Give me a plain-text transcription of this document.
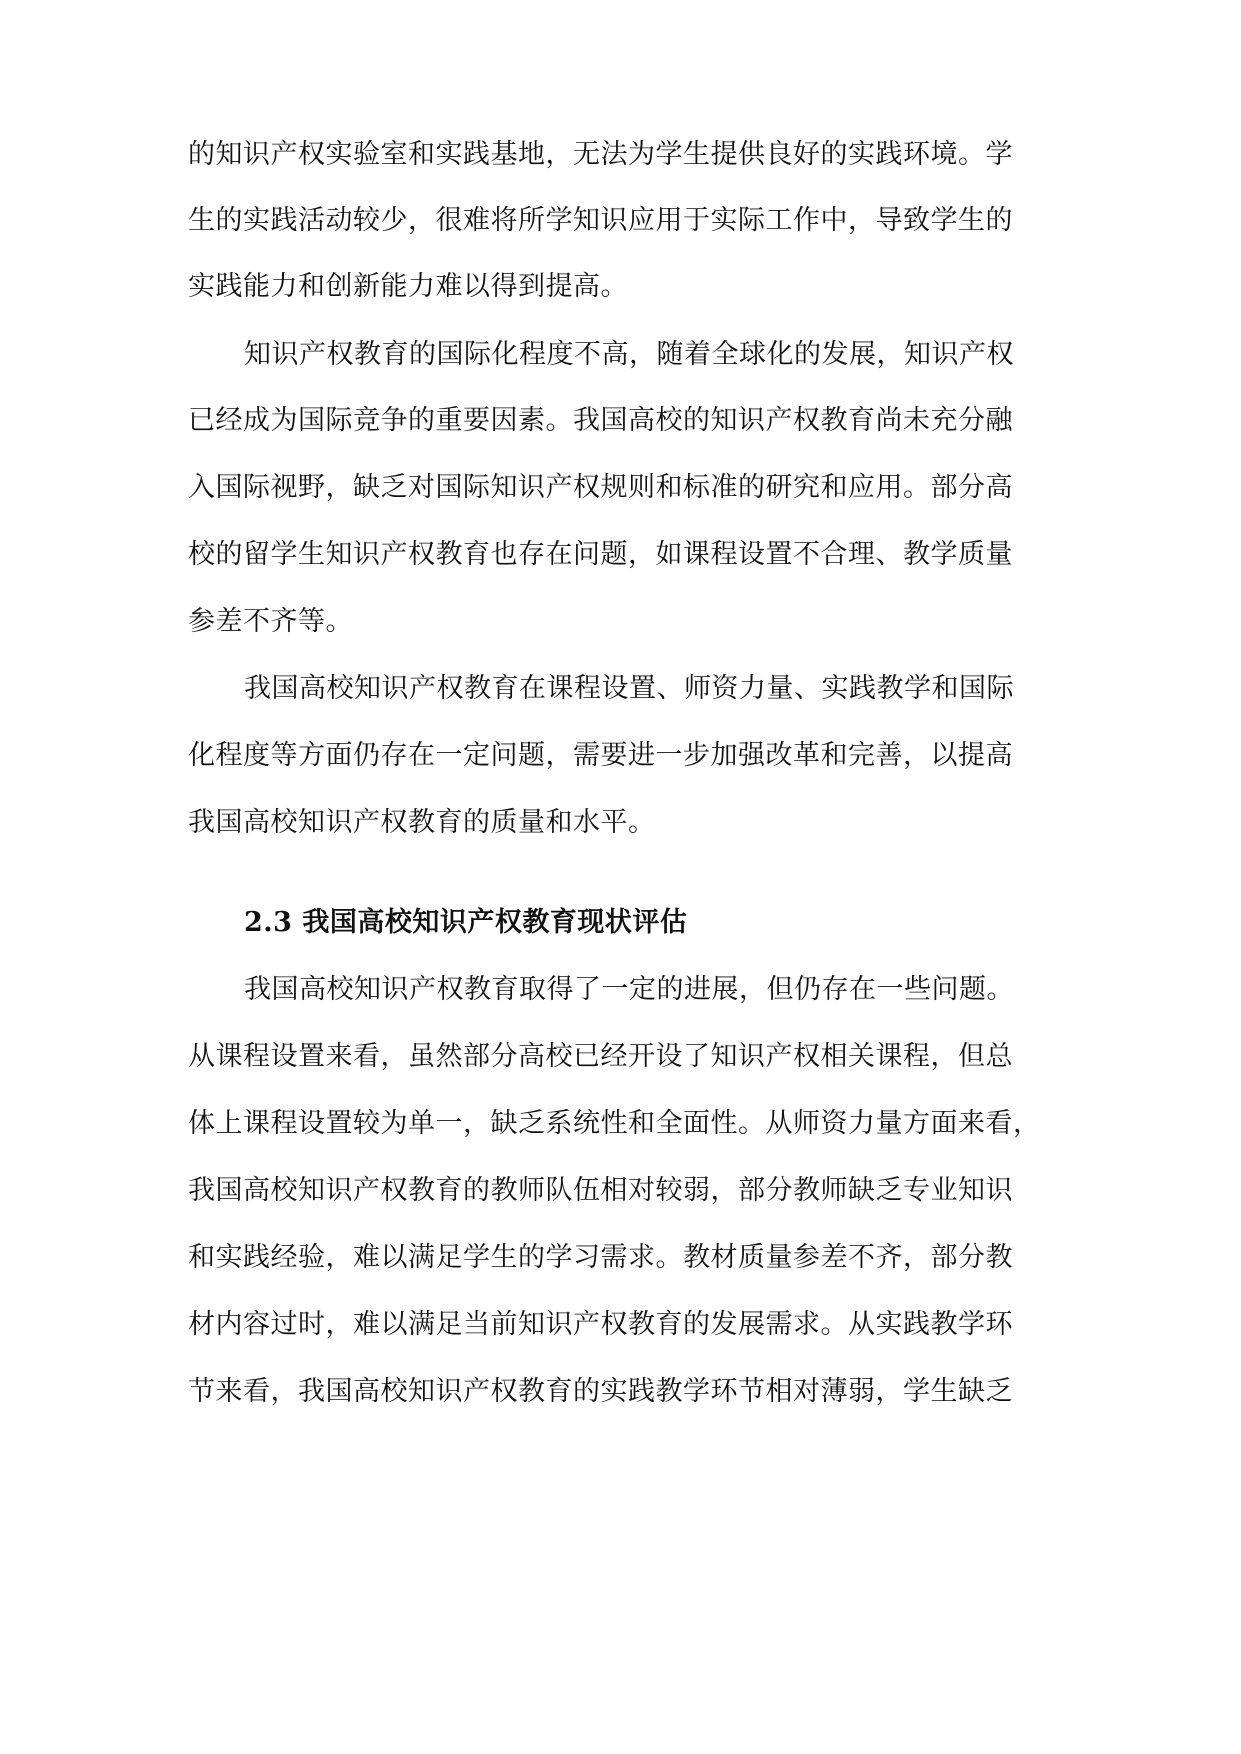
的知识产权实验室和实践基地，无法为学生提供良好的实践环境。学
生的实践活动较少，很难将所学知识应用于实际工作中，导致学生的
实践能力和创新能力难以得到提高。
知识产权教育的国际化程度不高，随着全球化的发展，知识产权
已经成为国际竞争的重要因素。我国高校的知识产权教育尚未充分融
入国际视野，缺乏对国际知识产权规则和标准的研究和应用。部分高
校的留学生知识产权教育也存在问题，如课程设置不合理、教学质量
参差不齐等。
我国高校知识产权教育在课程设置、师资力量、实践教学和国际
化程度等方面仍存在一定问题，需要进一步加强改革和完善，以提高
我国高校知识产权教育的质量和水平。
2.3 我国高校知识产权教育现状评估
我国高校知识产权教育取得了一定的进展，但仍存在一些问题。
从课程设置来看，虽然部分高校已经开设了知识产权相关课程，但总
体上课程设置较为单一，缺乏系统性和全面性。从师资力量方面来看，
我国高校知识产权教育的教师队伍相对较弱，部分教师缺乏专业知识
和实践经验，难以满足学生的学习需求。教材质量参差不齐，部分教
材内容过时，难以满足当前知识产权教育的发展需求。从实践教学环
节来看，我国高校知识产权教育的实践教学环节相对薄弱，学生缺乏
